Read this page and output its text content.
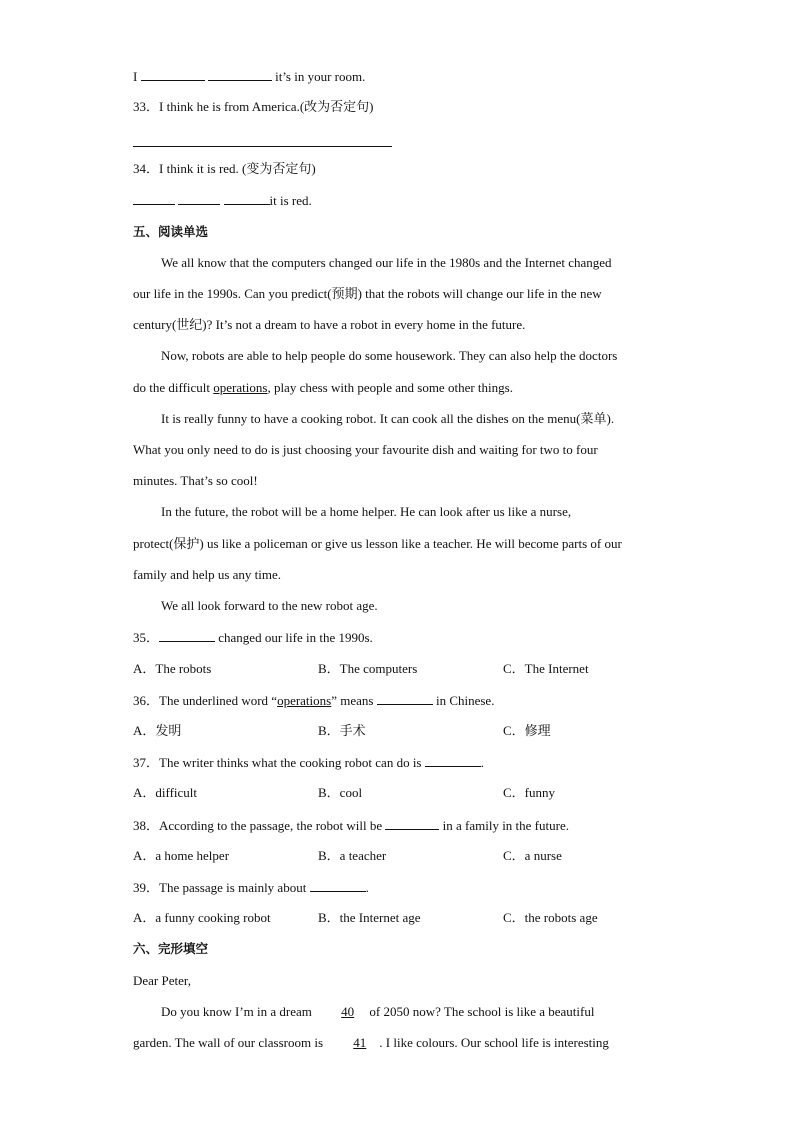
I	it’s in your room.
33．I think he is from America.(改为否定句)
34．I think it is red. (变为否定句)
it is red.
五、阅读单选
We all know that the computers changed our life in the 1980s and the Internet changed
our life in the 1990s. Can you predict(预期) that the robots will change our life in the new
century(世纪)? It’s not a dream to have a robot in every home in the future.
Now, robots are able to help people do some housework. They can also help the doctors
do the difficult operations, play chess with people and some other things.
It is really funny to have a cooking robot. It can cook all the dishes on the menu(菜单).
What you only need to do is just choosing your favourite dish and waiting for two to four
minutes. That’s so cool!
In the future, the robot will be a home helper. He can look after us like a nurse,
protect(保护) us like a policeman or give us lesson like a teacher. He will become parts of our
family and help us any time.
We all look forward to the new robot age.
35．	changed our life in the 1990s.
A．The robots	B．The computers	C．The Internet
36．The underlined word “operations” means	in Chinese.
A．发明	B．手术	C．修理
37．The writer thinks what the cooking robot can do is	.
A．difficult	B．cool	C．funny
38．According to the passage, the robot will be	in a family in the future.
A．a home helper	B．a teacher	C．a nurse
39．The passage is mainly about	.
A．a funny cooking robot	B．the Internet age	C．the robots age
六、完形填空
Dear Peter,
Do you know I’m in a dream 40 of 2050 now? The school is like a beautiful
garden. The wall of our classroom is 41 . I like colours. Our school life is interesting
